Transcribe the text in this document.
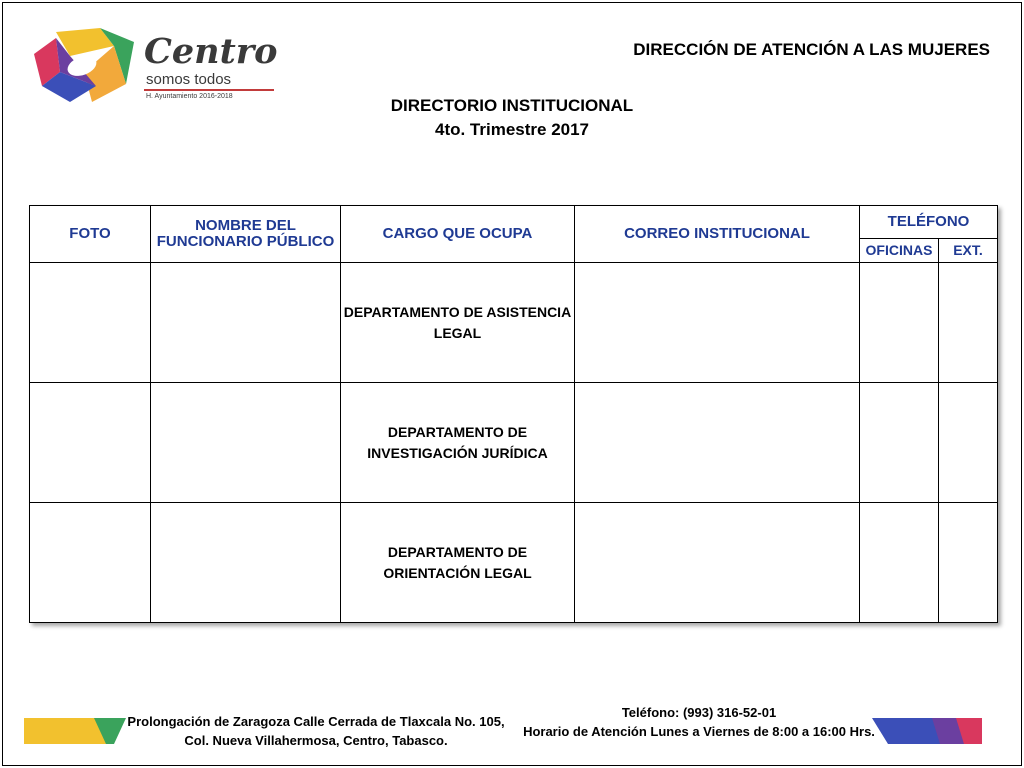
Centro
somos todos
H. Ayuntamiento 2016-2018
DIRECCIÓN DE ATENCIÓN A LAS MUJERES
DIRECTORIO INSTITUCIONAL
4to. Trimestre 2017
FOTO	NOMBRE DEL FUNCIONARIO PÚBLICO	CARGO QUE OCUPA	CORREO INSTITUCIONAL	TELÉFONO	
				OFICINAS	EXT.
		DEPARTAMENTO DE ASISTENCIA LEGAL			
		DEPARTAMENTO DE INVESTIGACIÓN JURÍDICA			
		DEPARTAMENTO DE ORIENTACIÓN LEGAL			
Prolongación de Zaragoza Calle Cerrada de Tlaxcala No. 105,
Col. Nueva Villahermosa, Centro, Tabasco.
Teléfono: (993) 316-52-01
Horario de Atención Lunes a Viernes de 8:00 a 16:00 Hrs.
